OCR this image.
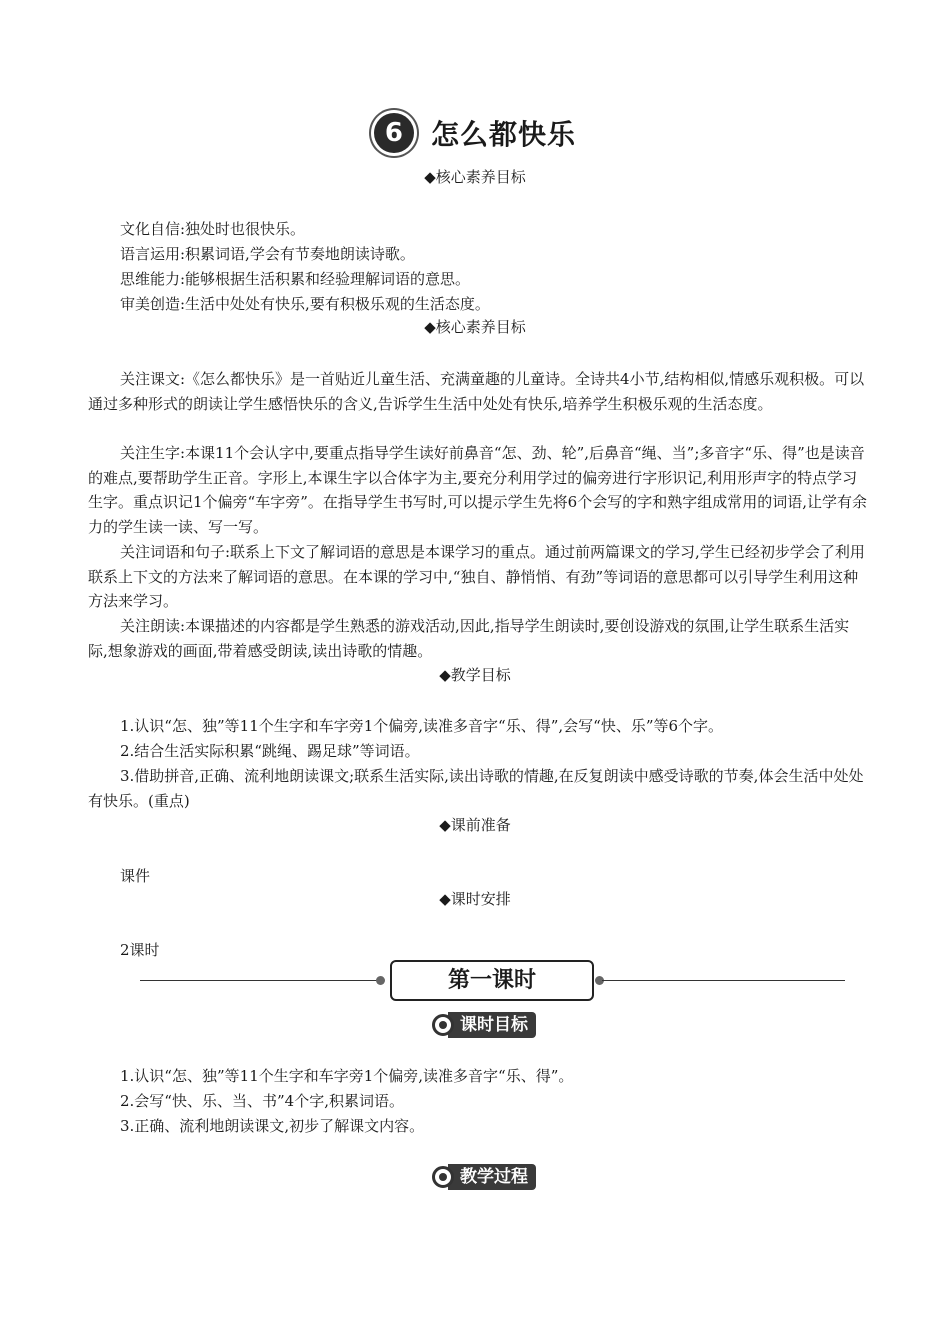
6 怎么都快乐
◆核心素养目标
文化自信:独处时也很快乐。
语言运用:积累词语,学会有节奏地朗读诗歌。
思维能力:能够根据生活积累和经验理解词语的意思。
审美创造:生活中处处有快乐,要有积极乐观的生活态度。
◆核心素养目标

关注课文:《怎么都快乐》是一首贴近儿童生活、充满童趣的儿童诗。全诗共4小节,结构相似,情感乐观积极。可以通过多种形式的朗读让学生感悟快乐的含义,告诉学生生活中处处有快乐,培养学生积极乐观的生活态度。

关注生字:本课11个会认字中,要重点指导学生读好前鼻音“怎、劲、轮”,后鼻音“绳、当”;多音字“乐、得”也是读音的难点,要帮助学生正音。字形上,本课生字以合体字为主,要充分利用学过的偏旁进行字形识记,利用形声字的特点学习生字。重点识记1个偏旁“车字旁”。在指导学生书写时,可以提示学生先将6个会写的字和熟字组成常用的词语,让学有余力的学生读一读、写一写。

关注词语和句子:联系上下文了解词语的意思是本课学习的重点。通过前两篇课文的学习,学生已经初步学会了利用联系上下文的方法来了解词语的意思。在本课的学习中,“独自、静悄悄、有劲”等词语的意思都可以引导学生利用这种方法来学习。

关注朗读:本课描述的内容都是学生熟悉的游戏活动,因此,指导学生朗读时,要创设游戏的氛围,让学生联系生活实际,想象游戏的画面,带着感受朗读,读出诗歌的情趣。

◆教学目标

1.认识“怎、独”等11个生字和车字旁1个偏旁,读准多音字“乐、得”,会写“快、乐”等6个字。

2.结合生活实际积累“跳绳、踢足球”等词语。

3.借助拼音,正确、流利地朗读课文;联系生活实际,读出诗歌的情趣,在反复朗读中感受诗歌的节奏,体会生活中处处有快乐。(重点)

◆课前准备
课件
◆课时安排
2课时
第一课时
课时目标
1.认识“怎、独”等11个生字和车字旁1个偏旁,读准多音字“乐、得”。
2.会写“快、乐、当、书”4个字,积累词语。
3.正确、流利地朗读课文,初步了解课文内容。
教学过程
